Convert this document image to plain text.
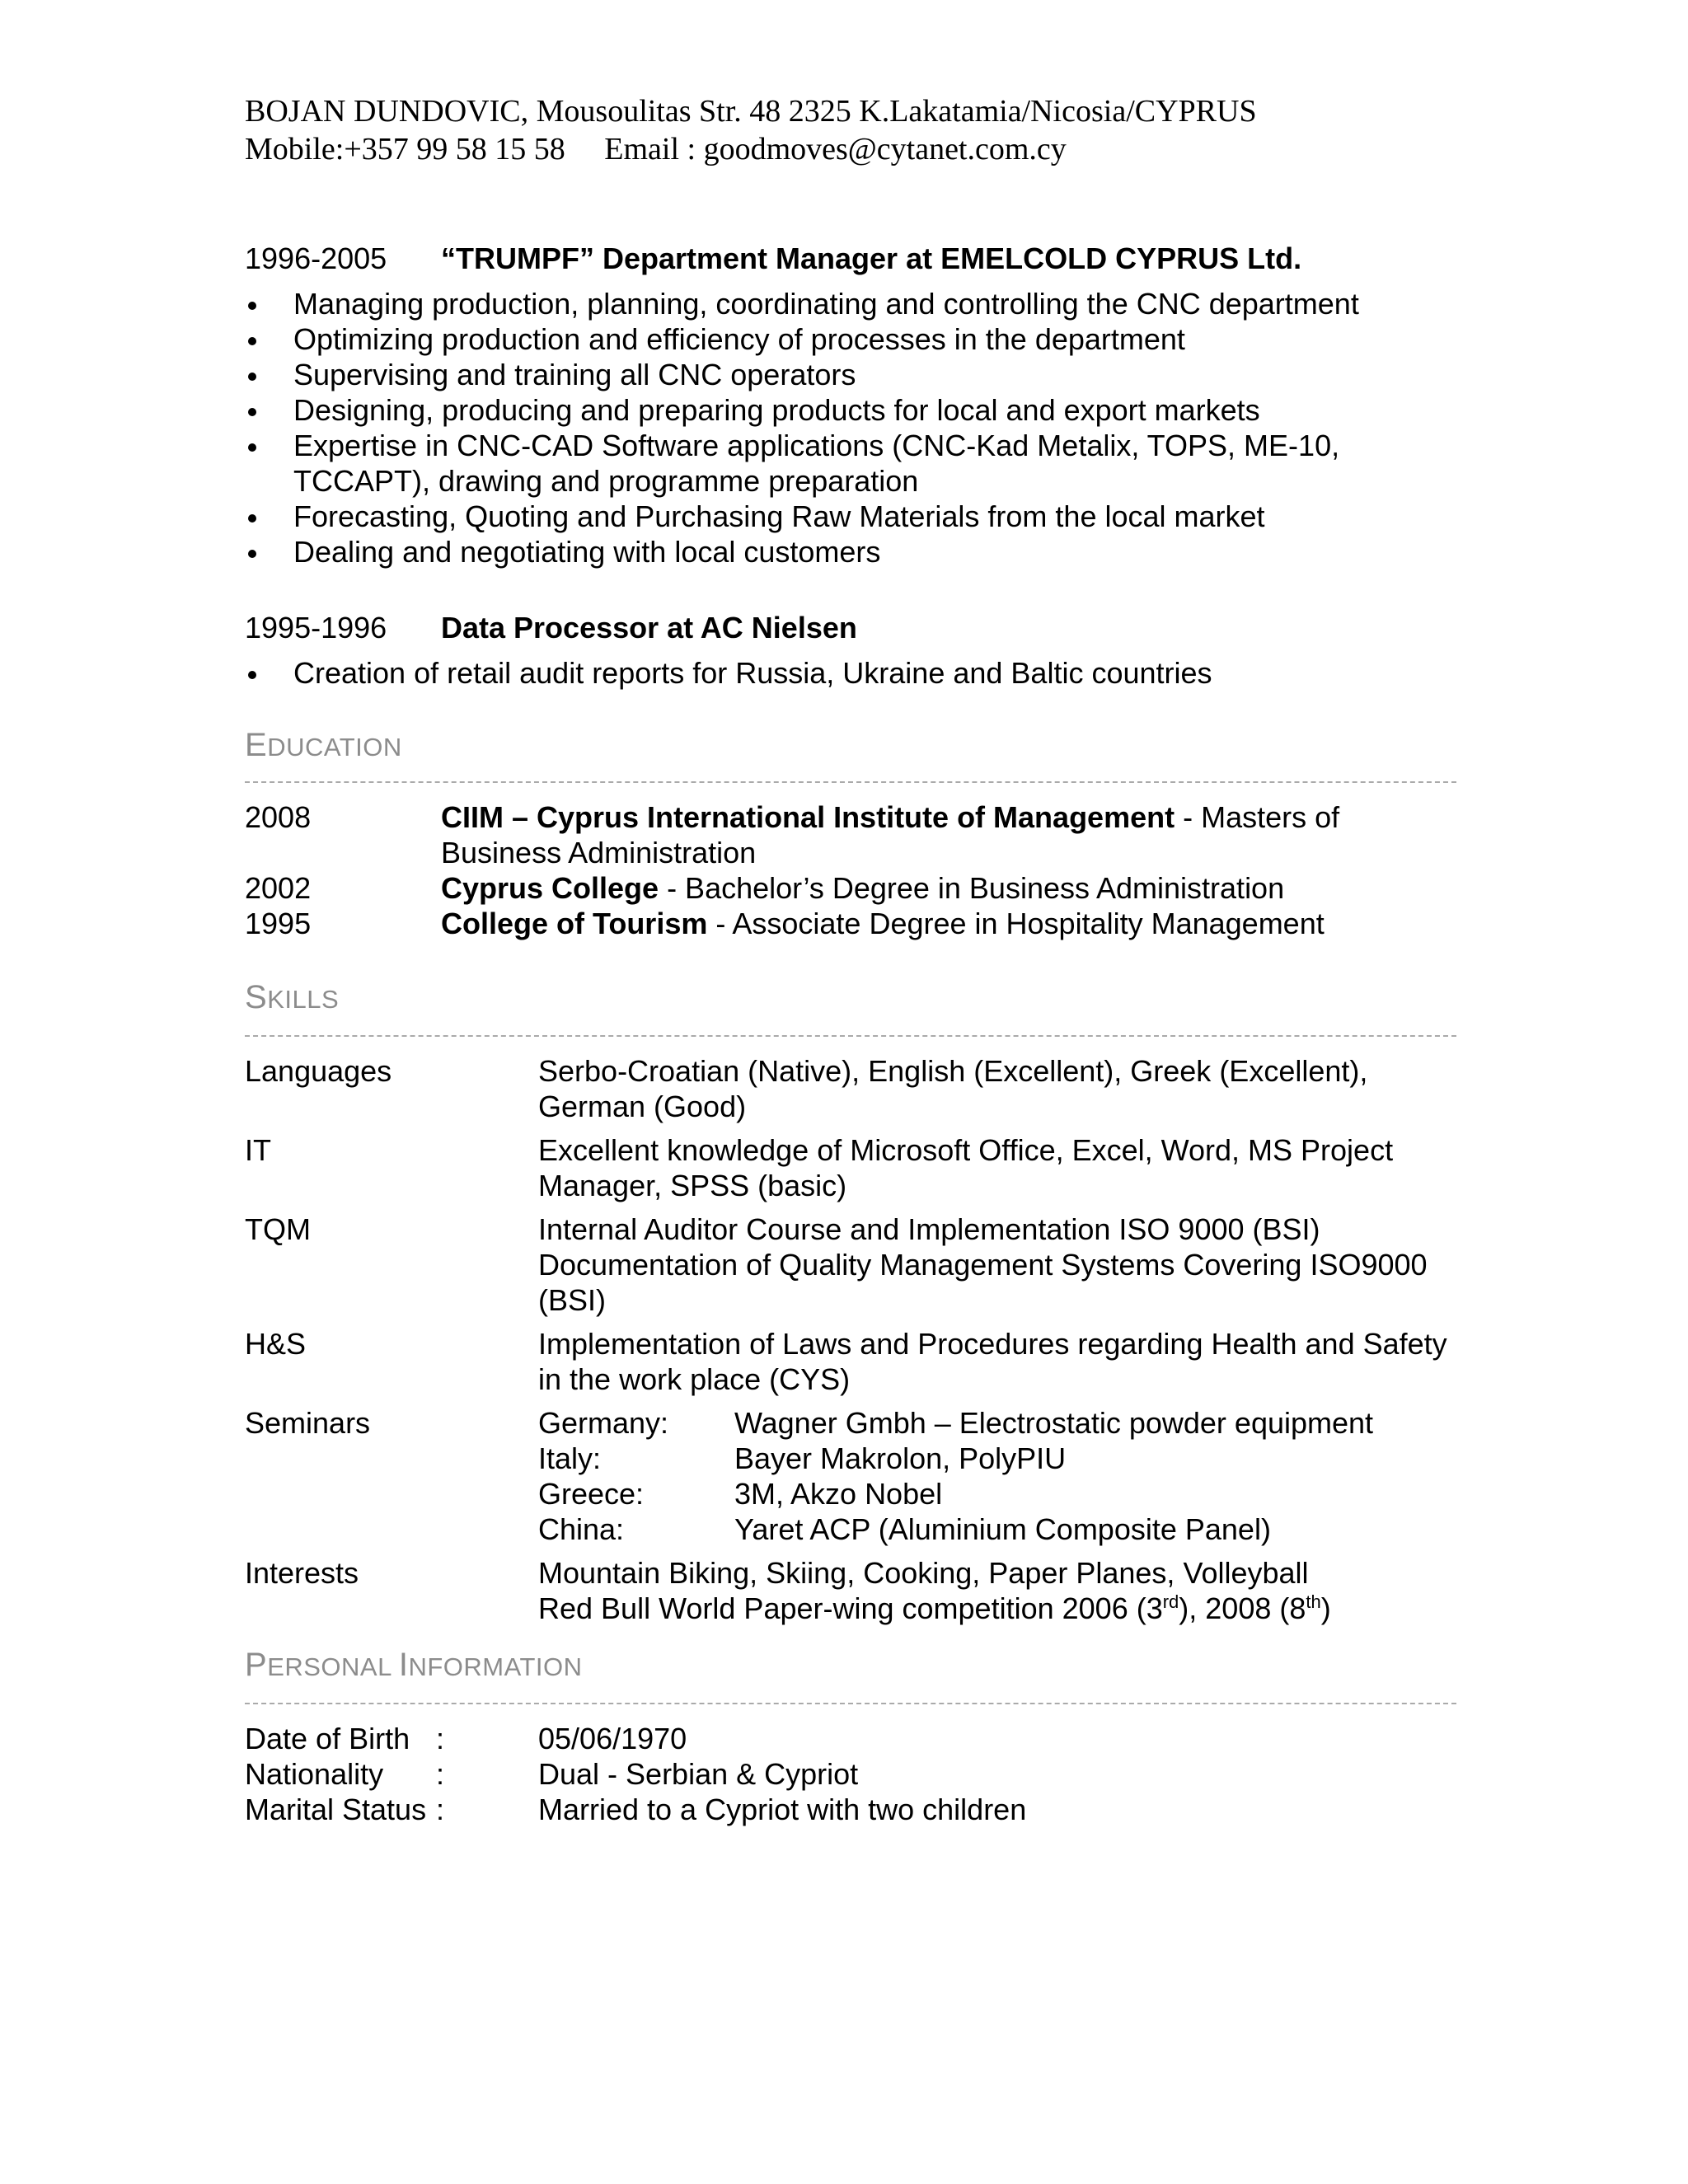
BOJAN DUNDOVIC, Mousoulitas Str. 48 2325 K.Lakatamia/Nicosia/CYPRUS
Mobile:+357 99 58 15 58 Email : goodmoves@cytanet.com.cy
1996-2005	“TRUMPF” Department Manager at EMELCOLD CYPRUS Ltd.
Managing production, planning, coordinating and controlling the CNC department
Optimizing production and efficiency of processes in the department
Supervising and training all CNC operators
Designing, producing and preparing products for local and export markets
Expertise in CNC-CAD Software applications (CNC-Kad Metalix, TOPS, ME-10, TCCAPT), drawing and programme preparation
Forecasting, Quoting and Purchasing Raw Materials from the local market
Dealing and negotiating with local customers
1995-1996	Data Processor at AC Nielsen
Creation of retail audit reports for Russia, Ukraine and Baltic countries
EDUCATION
2008	CIIM – Cyprus International Institute of Management - Masters of Business Administration
2002	Cyprus College - Bachelor’s Degree in Business Administration
1995	College of Tourism - Associate Degree in Hospitality Management
SKILLS
Languages	Serbo-Croatian (Native), English (Excellent), Greek (Excellent), German (Good)
IT	Excellent knowledge of Microsoft Office, Excel, Word, MS Project Manager, SPSS (basic)
TQM	Internal Auditor Course and Implementation ISO 9000 (BSI)
Documentation of Quality Management Systems Covering ISO9000 (BSI)
H&S	Implementation of Laws and Procedures regarding Health and Safety in the work place (CYS)
Seminars	Germany:	Wagner Gmbh – Electrostatic powder equipment
Italy:	Bayer Makrolon, PolyPIU
Greece:	3M, Akzo Nobel
China:	Yaret ACP (Aluminium Composite Panel)
Interests	Mountain Biking, Skiing, Cooking, Paper Planes, Volleyball
Red Bull World Paper-wing competition 2006 (3rd), 2008 (8th)
PERSONAL INFORMATION
Date of Birth :	05/06/1970
Nationality	:	Dual - Serbian & Cypriot
Marital Status :	Married to a Cypriot with two children
